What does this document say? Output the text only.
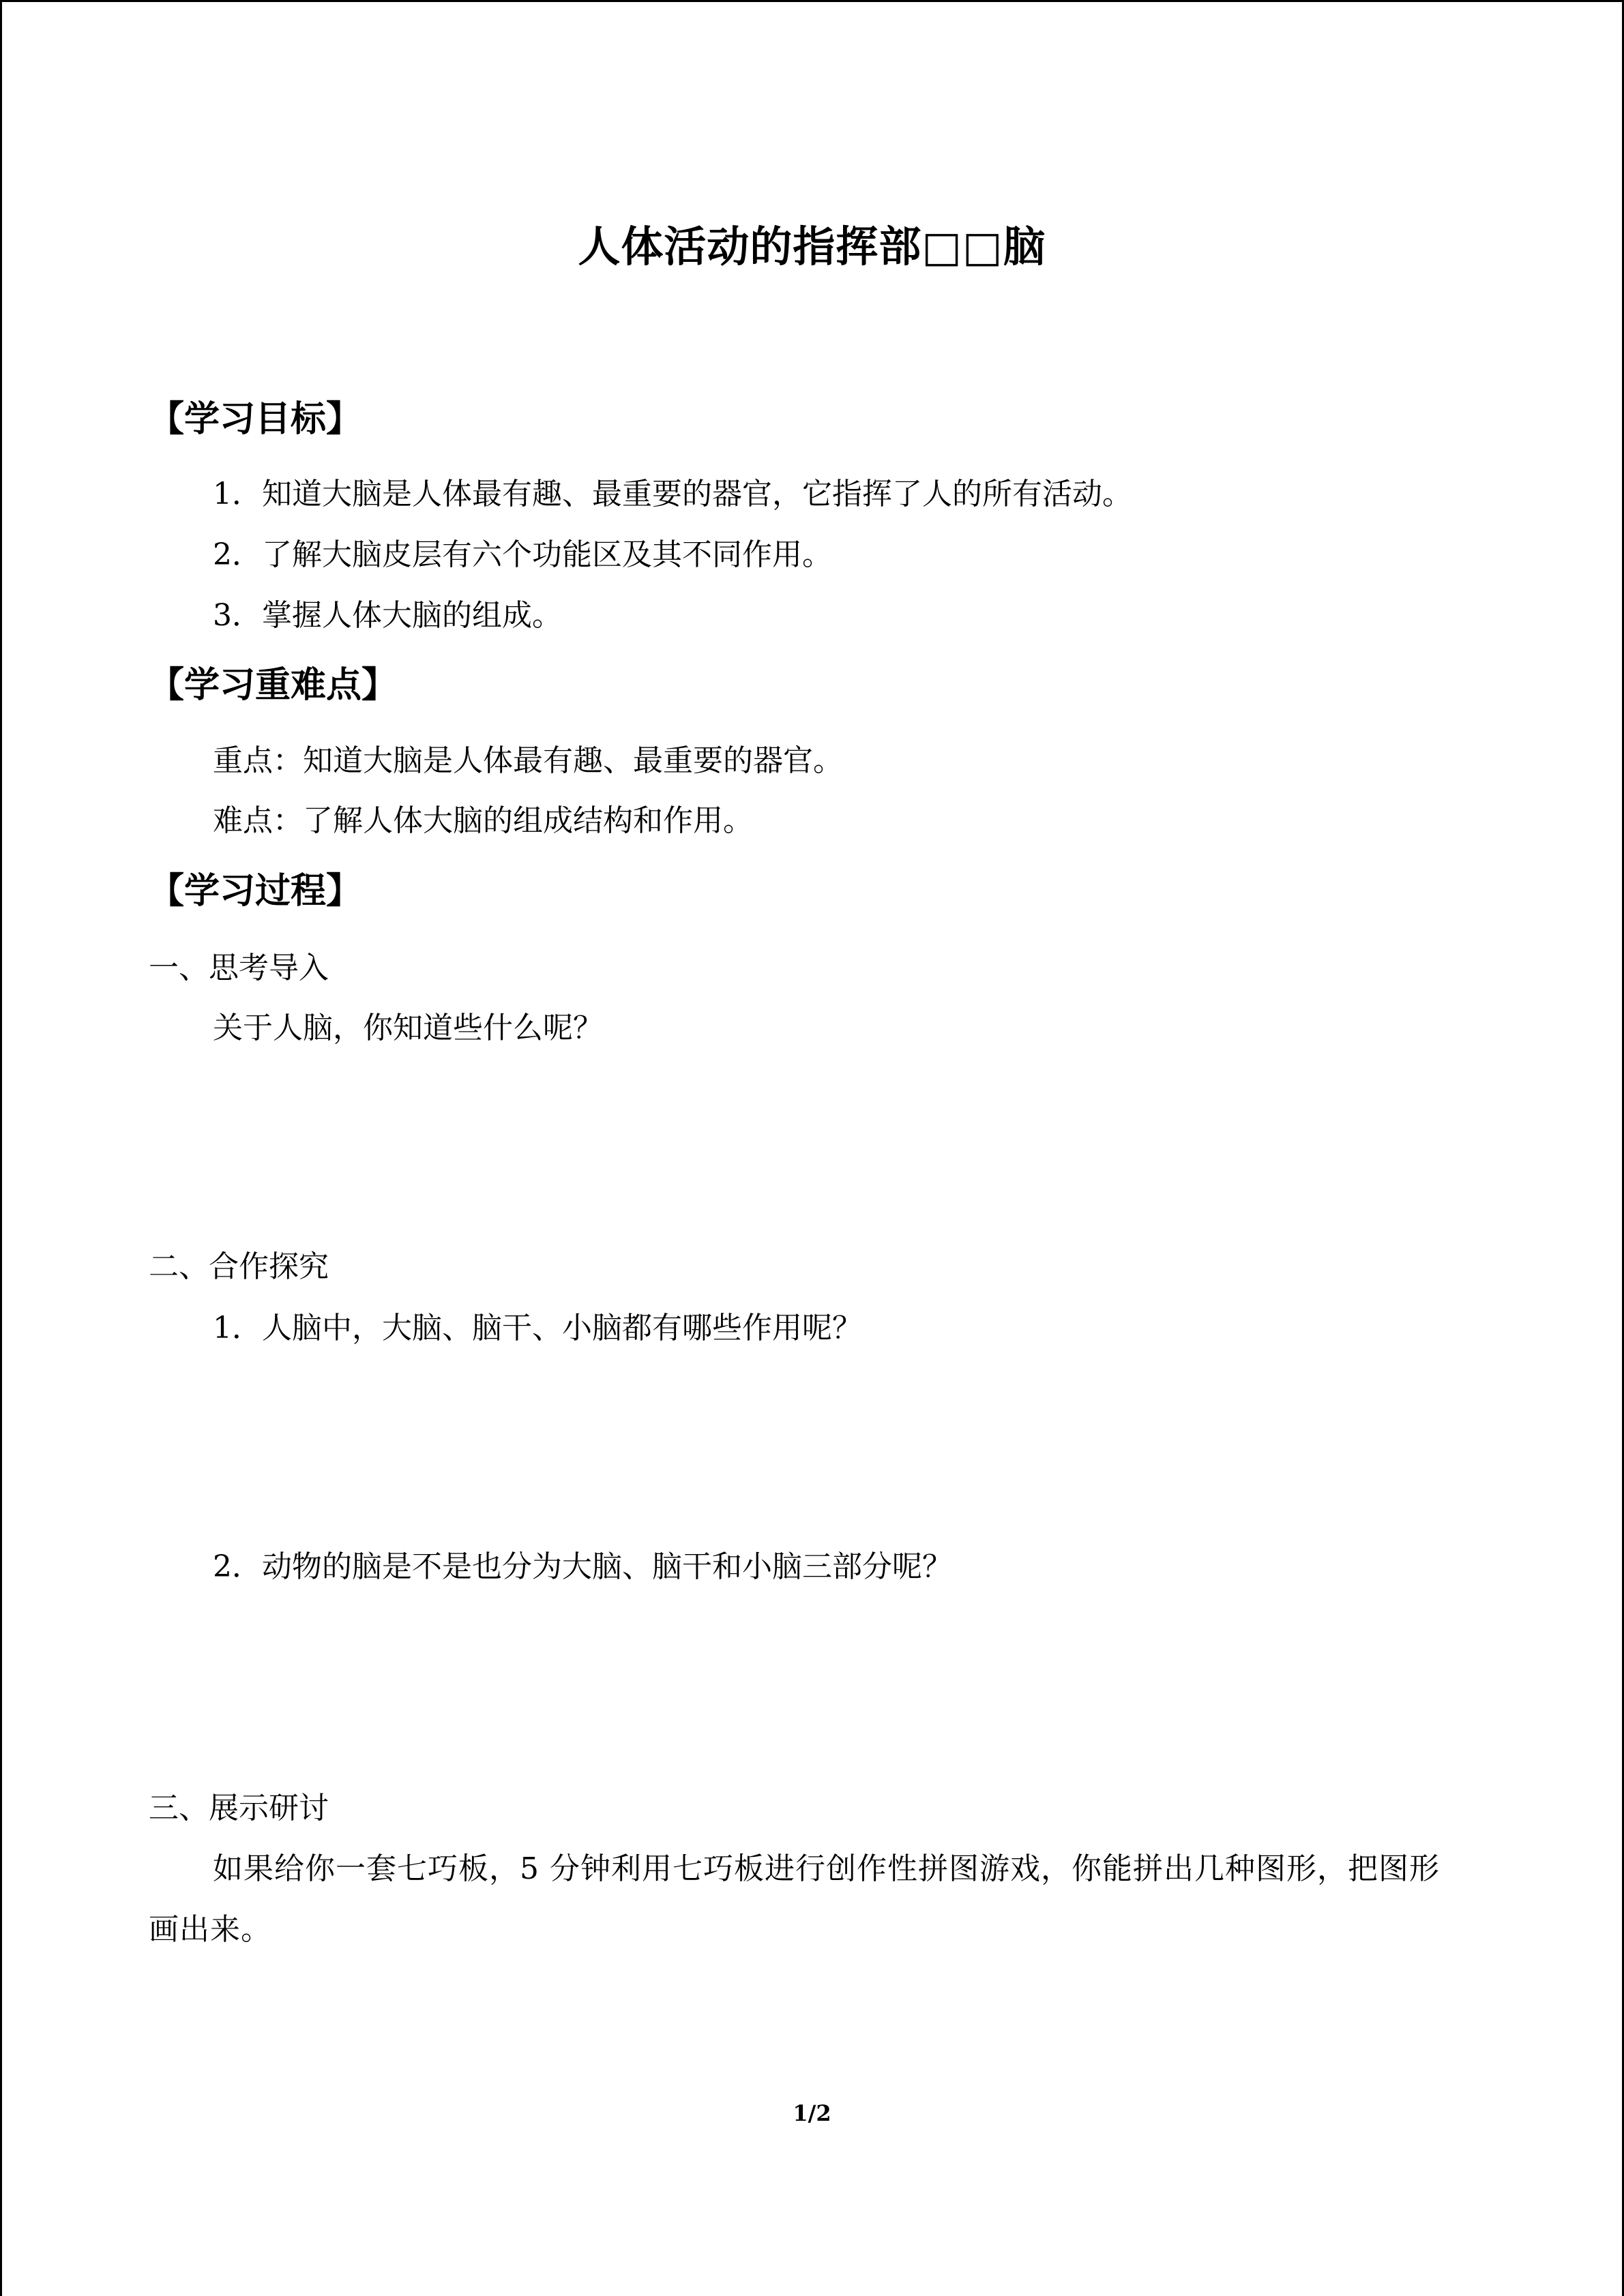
人体活动的指挥部□□脑
【学习目标】
1．知道大脑是人体最有趣、最重要的器官，它指挥了人的所有活动。
2．了解大脑皮层有六个功能区及其不同作用。
3．掌握人体大脑的组成。
【学习重难点】
重点：知道大脑是人体最有趣、最重要的器官。
难点：了解人体大脑的组成结构和作用。
【学习过程】
一、思考导入
关于人脑，你知道些什么呢？
二、合作探究
1．人脑中，大脑、脑干、小脑都有哪些作用呢？
2．动物的脑是不是也分为大脑、脑干和小脑三部分呢？
三、展示研讨
如果给你一套七巧板，5 分钟利用七巧板进行创作性拼图游戏，你能拼出几种图形，把图形画出来。
1/2
